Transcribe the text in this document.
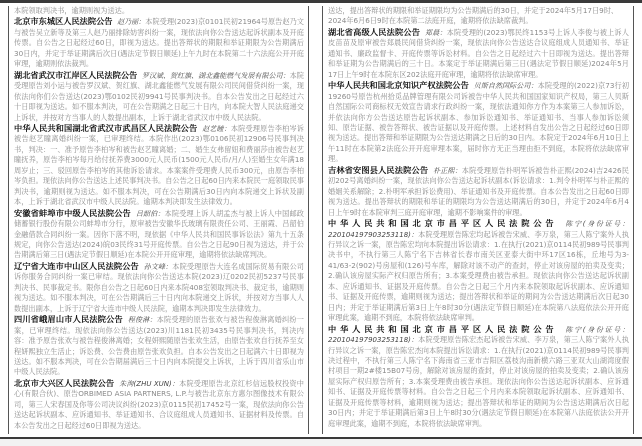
本院领取判决书，逾期则视为送达。
北京市东城区人民法院公告 赵乃丽：本院受理(2023)京0101民初21964号原告赵乃文与被告吴立新等及第三人赵乃丽排除妨害纠纷一案，现依法向你公告送达起诉状副本及开庭传票。自公告之日起经过60日，即视为送达。提出答辩状的期限和举证期限为公告期满后30日内，并定于举证期满后次日(遇法定节假日顺延)上午九时在本院第二十六法庭公开开庭审理，逾期则依法裁判。
湖北省武汉市江岸区人民法院公告 罗汉斌、贺红旗、湖北鑫能燃气发展有限公司：本院受理原告刘小运与被告罗汉斌、贺红旗、湖北鑫能燃气发展有限公司民间借贷纠纷一案，现依法向你们公告送达(2023)鄂0102民初9941号民事判决书。自本公告发出之日起经过六十日即视为送达。如不服本判决，可在公告期满之日起三十日内，向本院大智人民法庭递交上诉状，并按对方当事人的人数提出副本，上诉于湖北省武汉市中级人民法院。
中华人民共和国湖北省武汉市武昌区人民法院公告 赵艺瞳：本院受理原告李柏岑诉被告赵艺瞳离婚纠纷一案，已审理终结。本院作出(2023)鄂0106民初12906号民事判决书，判决：一、准予原告李柏岑和被告赵艺瞳离婚；二、婚生女弗留妞和费丽莎由被告赵艺瞳抚养，原告李柏岑每月给付抚养费3000元人民币(1500元人民币/月/人)至婚生女年满18周岁止；三、驳回原告李柏岑的其他诉讼请求。本案案件受理费人民币300元，由原告李柏岑负担。现依法向你公告送达上述民事判决书。自公告之日起60日内来本院民一庭领取民事判决书，逾期则视为送达。如不服本判决，可在公告期满后30日内向本院递交上诉状及副本，上诉于湖北省武汉市中级人民法院。逾期本判决即发生法律效力。
安徽省蚌埠市中级人民法院公告 吕韶伯：本院受理上诉人胡孟杰与被上诉人中国邮政储蓄银行股份有限公司蚌埠市分行，原审被告安徽华氏玻璃有限责任公司、王丽霞、吕韶伯金融借款合同纠纷一案。因你下落不明，现依据《中华人民共和国民事诉讼法》第九十五条规定，向你公告送达(2024)皖03民终31号开庭传票。自公告之日起90日视为送达，并于公告期满后第三日(遇法定节假日顺延)在本院公开开庭审理，逾期将依法缺席判决。
辽宁省大连市中山区人民法院公告 孙文峰：本院受理原告大连名成国际贸易有限公司诉你服务合同纠纷一案已审结。现依法向你公告送达本院(2023)辽0202民初5237号民事判决书、民事裁定书。限你自公告之日起60日内来本院408室领取判决书、裁定书，逾期则视为送达。如不服本判决，可在公告期满后三十日内向本院递交上诉状，并按对方当事人人数提出副本，上诉于辽宁省大连市中级人民法院，逾期本判决即发生法律效力。
四川省峨眉山市人民法院公告 程俊淋：本院受理的原告张欢与被告程俊淋离婚纠纷一案，已审理终结。现依法向你公告送达(2023)川1181民初3435号民事判决书，判决内容：准予原告张欢与被告程俊淋离婚；女程妍熙随原告张欢生活，由原告张欢自行抚养至女程妍熙独立生活止；诉讼费、公告费由原告张欢负担。自本公告发出之日起满六十日即视为送达。如不服本判决，可在公告期届满后三十日内向本院提交上诉状，上诉于四川省乐山市中级人民法院。
北京市大兴区人民法院公告 朱洵(ZHU XUN)：本院受理原告北京红杉信远股权投资中心(有限合伙)、原告ORBIMED ASIA PARTNERS, L.P.与被告北京东方惠尔图像技术有限公司，第三人宋春国及你等公司决议纠纷(2023)京0115民初17452号一案，现依法向你公告送达起诉状副本、应诉通知书、举证通知书、合议庭组成人员通知书、证据材料及传票。自本公告发出之日起经过60日即视为送达。
送达，提出答辩状的期限和举证期限均为公告期满后的30日，并定于2024年5月17日9时、2024年6月6日9时在本院第二法庭开庭，逾期将依法缺席裁判。
湖北省高级人民法院公告 郑晨：本院受理的(2023)鄂民终1153号上诉人李俊与被上诉人皮苗苗及原审被告郑晨民间借贷纠纷一案，现依法向你公告送达合议庭组成人员通知书、举证通知书、廉政监督卡、开庭传票等诉讼材料。自公告之日起经过六十日即视为送达。提出答辩和举证期为公告期满后的三十日。本案定于举证期满后第三日(遇法定节假日顺延)2024年5月17日上午9时在本院东区202法庭开庭审理，逾期将依法缺席审理。
中华人民共和国北京知识产权法院公告 贝斯自然国际公司：本院受理的(2022)京73行初19260号原告杭州拾觅品牌管理有限公司诉被告中华人民共和国国家知识产权局，第三人贝斯自然国际公司商标权无效宣告请求行政纠纷一案，现依法通知你方作为本案第三人参加诉讼，并依法向你方公告送达原告起诉状副本、参加诉讼通知书、举证通知书、当事人参加诉讼须知、原告证据、被告答辩状、被告证据以及开庭传票。上述材料自发出公告之日起经过60日即视为送达。提出答辩和举证期限为公告送达期满之日后的30日内。本院定于2024年6月10日上午11时在本院第2法庭公开开庭审理本案，届时你方无正当理由拒不到庭，本院将依法缺席审理。
吉林省安图县人民法院公告 朴正熙：本院受理原告朴明军诉被告朴正熙(2024)吉2426民初202号离婚纠纷一案，现依法向你公告送达起诉状副本(诉讼请求：1.判令朴明军与朴正熙的婚姻关系解除；2.朴明军承担诉讼费用)、举证通知书及开庭传票。自本公告发出之日起60日即视为送达。提出答辩状的期限和举证的期限均为公告送达期满后的30日，并定于2024年6月4日上午9时在本院审判三庭开庭审理，逾期不影响案件的审理。
中华人民共和国北京市昌平区人民法院公告 陈宁(身份证号：220104197903253118)：本院受理原告陈宏均起诉被告宋威、李万泉，第三人陈宁案外人执行异议之诉一案，原告陈宏均向本院提出诉讼请求：1.在执行(2021)京0114民初989号民事判决书中，不执行第三人陈宁名下吉林省长春市南关区亚泰大街中环17区16栋，丘地号为3-41/63-2(902)号房屋和(126)号车库，解除对该不动产的查封，停止对该房屋的拍卖及变卖；2.确认该房屋实际产权归原告所有；3.本案受理费由被告承担。现依法向你公告送达起诉状副本、应诉通知书、证据及开庭传票。自公告之日起三个月内来本院领取起诉状副本、应诉通知书、证据及开庭传票，逾期则视为送达；提出答辩状和举证的期间为公告送达期满后次日起30日内；并定于举证期满后第3日上午8时30分(遇法定节假日顺延)在本院第八法庭依法公开开庭审理此案，逾期不到庭，本院将依法缺席审判。
中华人民共和国北京市昌平区人民法院公告 陈宁(身份证号：220104197903253118)：本院受理原告陈宏杰起诉被告宋威、李万泉，第三人陈宁案外人执行异议之诉一案，原告陈宏杰向本院提出诉讼请求：1.在执行(2021)京0114民初989号民事判决过程中，不执行第三人陈宁名下海南省三亚市吉阳区荔枝沟南新横六路三亚双大山湖湾度假村项目一期2#楼15B07号房，解除对该房屋的查封，停止对该房屋的拍卖及变卖；2.确认该房屋实际产权归原告所有；3.本案受理费由被告承担。现依法向你公告送达起诉状副本、应诉通知书、证据及开庭传票等材料。自公告之日起三个月内来本院领取起诉状副本、应诉通知书、证据及开庭传票等材料，逾期则视为送达；提出答辩状和举证的期间为公告送达期满后次日起30日内；并定于举证期满后第3日上午8时30分(遇法定节假日顺延)在本院第八法庭依法公开开庭审理此案，逾期不到庭，本院将依法缺席审判。
